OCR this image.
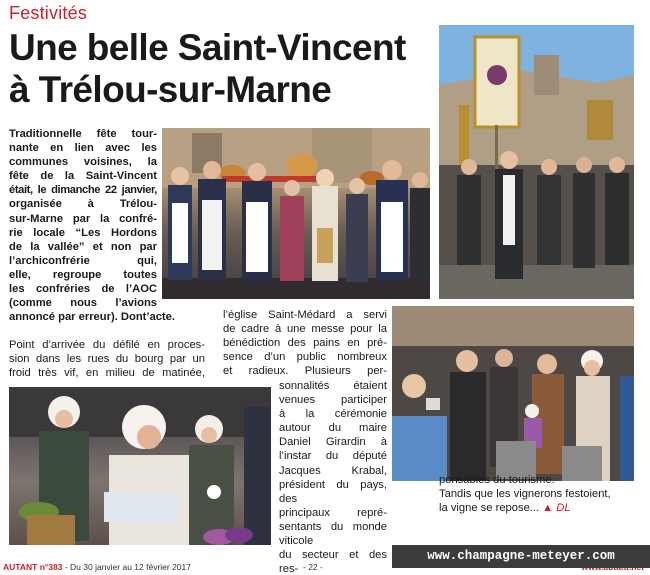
Festivités
Une belle Saint-Vincent
à Trélou-sur-Marne
Traditionnelle fête tour-
nante en lien avec les
communes voisines, la
fête de la Saint-Vincent
était, le dimanche 22 janvier,
organisée à Trélou-
sur-Marne par la confré-
rie locale “Les Hordons
de la vallée” et non par
l’archiconfrérie qui,
elle, regroupe toutes
les confréries de l’AOC
(comme nous l’avions
annoncé par erreur). Dont’acte.
Point d’arrivée du défilé en proces-
sion dans les rues du bourg par un
froid très vif, en milieu de matinée,
l’église Saint-Médard a servi
de cadre à une messe pour la
bénédiction des pains en pré-
sence d’un public nombreux
et radieux. Plusieurs per-
sonnalités étaient
venues participer
à la cérémonie
autour du maire
Daniel Girardin à
l’instar du député
Jacques Krabal,
président du pays, des
principaux repré-
sentants du monde viticole
du secteur et des res-
ponsables du tourisme.
Tandis que les vignerons festoient,
la vigne se repose... ▲ DL
AUTANT n°383 - Du 30 janvier au 12 février 2017	- 22 -
www.champagne-meteyer.com
